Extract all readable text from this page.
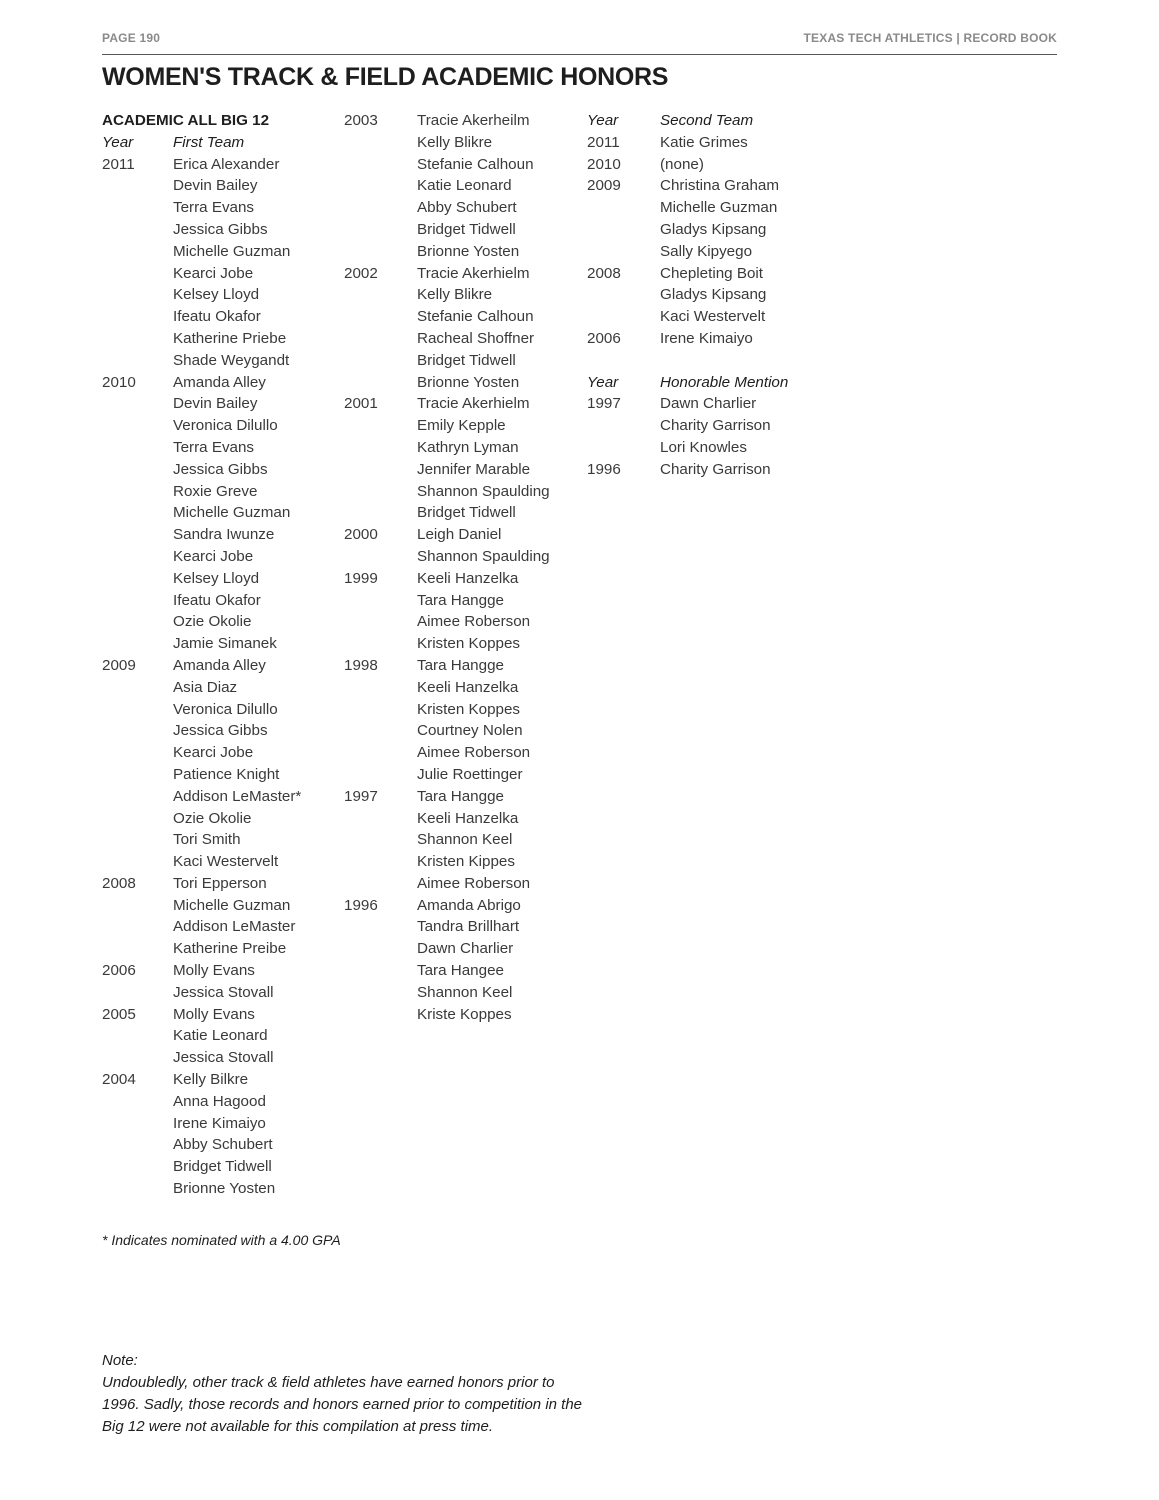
PAGE 190	TEXAS TECH ATHLETICS | RECORD BOOK
WOMEN'S TRACK & FIELD ACADEMIC HONORS
ACADEMIC ALL BIG 12
Year	First Team
2011	Erica Alexander
Devin Bailey
Terra Evans
Jessica Gibbs
Michelle Guzman
Kearci Jobe
Kelsey Lloyd
Ifeatu Okafor
Katherine Priebe
Shade Weygandt
2010	Amanda Alley
Devin Bailey
Veronica Dilullo
Terra Evans
Jessica Gibbs
Roxie Greve
Michelle Guzman
Sandra Iwunze
Kearci Jobe
Kelsey Lloyd
Ifeatu Okafor
Ozie Okolie
Jamie Simanek
2009	Amanda Alley
Asia Diaz
Veronica Dilullo
Jessica Gibbs
Kearci Jobe
Patience Knight
Addison LeMaster*
Ozie Okolie
Tori Smith
Kaci Westervelt
2008	Tori Epperson
Michelle Guzman
Addison LeMaster
Katherine Preibe
2006	Molly Evans
Jessica Stovall
2005	Molly Evans
Katie Leonard
Jessica Stovall
2004	Kelly Bilkre
Anna Hagood
Irene Kimaiyo
Abby Schubert
Bridget Tidwell
Brionne Yosten
2003	Tracie Akerheilm
Kelly Blikre
Stefanie Calhoun
Katie Leonard
Abby Schubert
Bridget Tidwell
Brionne Yosten
2002	Tracie Akerhielm
Kelly Blikre
Stefanie Calhoun
Racheal Shoffner
Bridget Tidwell
Brionne Yosten
2001	Tracie Akerhielm
Emily Kepple
Kathryn Lyman
Jennifer Marable
Shannon Spaulding
Bridget Tidwell
2000	Leigh Daniel
Shannon Spaulding
1999	Keeli Hanzelka
Tara Hangge
Aimee Roberson
Kristen Koppes
1998	Tara Hangge
Keeli Hanzelka
Kristen Koppes
Courtney Nolen
Aimee Roberson
Julie Roettinger
1997	Tara Hangge
Keeli Hanzelka
Shannon Keel
Kristen Kippes
Aimee Roberson
1996	Amanda Abrigo
Tandra Brillhart
Dawn Charlier
Tara Hangee
Shannon Keel
Kriste Koppes
Year	Second Team
2011	Katie Grimes
2010	(none)
2009	Christina Graham
Michelle Guzman
Gladys Kipsang
Sally Kipyego
2008	Chepleting Boit
Gladys Kipsang
Kaci Westervelt
2006	Irene Kimaiyo
Year	Honorable Mention
1997	Dawn Charlier
Charity Garrison
Lori Knowles
1996	Charity Garrison
* Indicates nominated with a 4.00 GPA

Note:

Undoubledly, other track & field athletes have earned honors prior to 1996. Sadly, those records and honors earned prior to competition in the Big 12 were not available for this compilation at press time.
